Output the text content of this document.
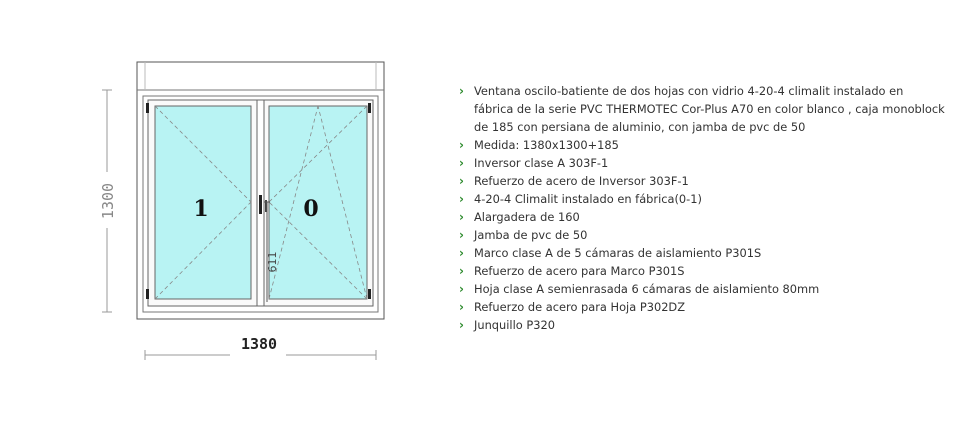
611
1	0
1300
1380
› Ventana oscilo-batiente de dos hojas con vidrio 4-20-4 climalit instalado en fábrica de la serie PVC THERMOTEC Cor-Plus A70 en color blanco , caja monoblock de 185 con persiana de aluminio, con jamba de pvc de 50
› Medida: 1380x1300+185
› Inversor clase A 303F-1
› Refuerzo de acero de Inversor 303F-1
› 4-20-4 Climalit instalado en fábrica(0-1)
› Alargadera de 160
› Jamba de pvc de 50
› Marco clase A de 5 cámaras de aislamiento P301S
› Refuerzo de acero para Marco P301S
› Hoja clase A semienrasada 6 cámaras de aislamiento 80mm
› Refuerzo de acero para Hoja P302DZ
› Junquillo P320
